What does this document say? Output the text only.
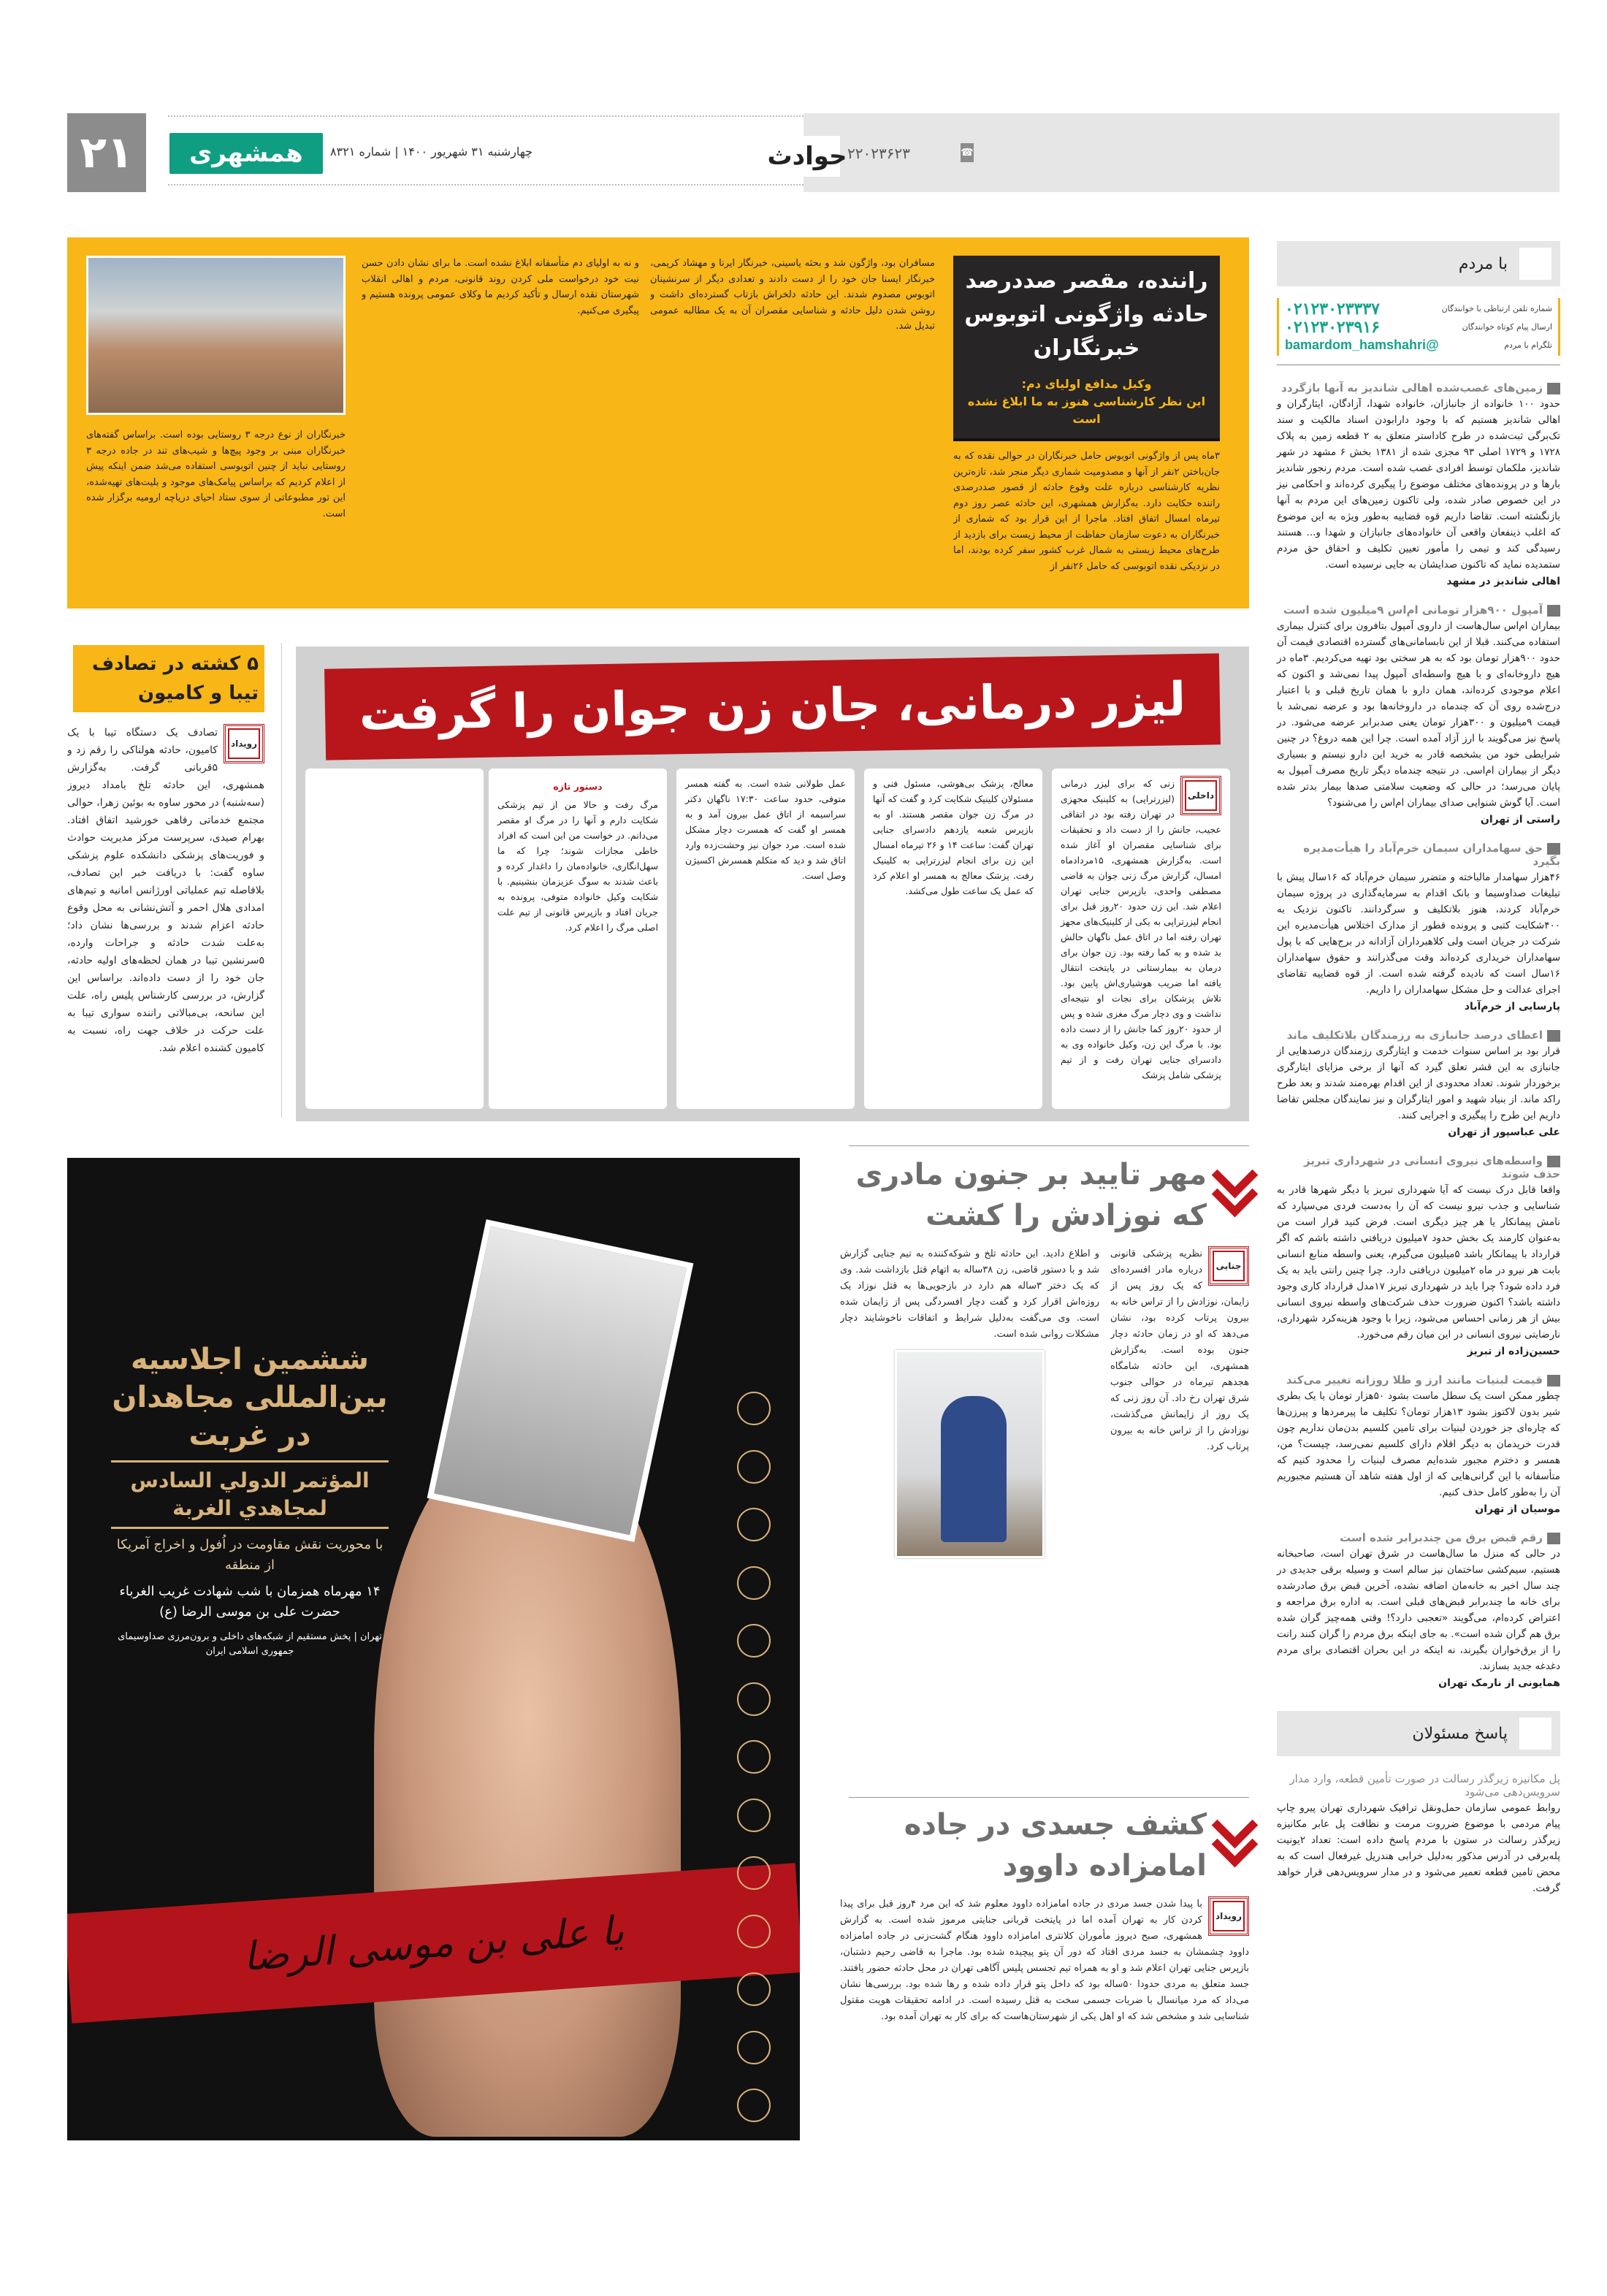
۲۱	همشهری	چهارشنبه ۳۱ شهریور ۱۴۰۰ | شماره ۸۳۲۱	حوادث ۲۲۰۲۳۶۲۳	☎
با مردم
شماره تلفن ارتباطی با خوانندگان
۰۲۱۲۳۰۲۳۳۳۷
ارسال پیام کوتاه خوانندگان
۰۲۱۲۳۰۲۳۹۱۶
تلگرام با مردم
@bamardom_hamshahri
زمین‌های غصب‌شده اهالی شاندیز به آنها بازگردد

حدود ۱۰۰ خانواده از جانبازان، خانواده شهدا، آزادگان، ایثارگران و اهالی شاندیز هستیم که با وجود دارابودن اسناد مالکیت و سند تک‌برگی ثبت‌شده در طرح کاداستر متعلق به ۲ قطعه زمین به پلاک ۱۷۲۸ و ۱۷۲۹ اصلی ۹۳ مجزی شده از ۱۳۸۱ بخش ۶ مشهد در شهر شاندیز، ملکمان توسط افرادی غصب شده است. مردم رنجور شاندیز بارها و در پرونده‌های مختلف موضوع را پیگیری کرده‌اند و احکامی نیز در این خصوص صادر شده، ولی تاکنون زمین‌های این مردم به آنها بازنگشته است. تقاضا داریم قوه قضاییه به‌طور ویژه به این موضوع که اغلب ذینفعان واقعی آن خانواده‌های جانبازان و شهدا و... هستند رسیدگی کند و تیمی را مأمور تعیین تکلیف و احقاق حق مردم ستمدیده نماید که تاکنون صدایشان به جایی نرسیده است.

اهالی شاندیز در مشهد
آمپول ۹۰۰هزار تومانی ام‌اس ۹میلیون شده است

بیماران ام‌اس سال‌هاست از داروی آمپول بتافرون برای کنترل بیماری استفاده می‌کنند. قبلا از این نابسامانی‌های گسترده اقتصادی قیمت آن حدود ۹۰۰هزار تومان بود که به هر سختی بود تهیه می‌کردیم. ۳ماه در هیچ داروخانه‌ای و با هیچ واسطه‌ای آمپول پیدا نمی‌شد و اکنون که اعلام موجودی کرده‌اند، همان دارو با همان تاریخ قبلی و با اعتبار درج‌شده روی آن که چندماه در داروخانه‌ها بود و عرضه نمی‌شد با قیمت ۹میلیون و ۳۰۰هزار تومان یعنی صدبرابر عرضه می‌شود. در پاسخ نیز می‌گویند با ارز آزاد آمده است. چرا این همه دروغ؟ در چنین شرایطی خود من بشخصه قادر به خرید این دارو نیستم و بسیاری دیگر از بیماران ام‌اسی. در نتیجه چندماه دیگر تاریخ مصرف آمپول به پایان می‌رسد؛ در حالی که وضعیت سلامتی صدها بیمار بدتر شده است. آیا گوش شنوایی صدای بیماران ام‌اس را می‌شنود؟

راستی از تهران
حق سهامداران سیمان خرم‌آباد را هیأت‌مدیره بگیرد

۴۶هزار سهامدار مالباخته و متضرر سیمان خرم‌آباد که ۱۶سال پیش با تبلیغات صداوسیما و بانک اقدام به سرمایه‌گذاری در پروژه سیمان خرم‌آباد کردند، هنوز بلاتکلیف و سرگردانند. تاکنون نزدیک به ۴۰۰شکایت کتبی و پرونده قطور از مدارک اختلاس هیأت‌مدیره این شرکت در جریان است ولی کلاهبرداران آزادانه در برج‌هایی که با پول سهامداران خریداری کرده‌اند وقت می‌گذرانند و حقوق سهامداران ۱۶سال است که نادیده گرفته شده است. از قوه قضاییه تقاضای اجرای عدالت و حل مشکل سهامداران را داریم.

پارسایی از خرم‌آباد
اعطای درصد جانبازی به رزمندگان بلاتکلیف ماند

قرار بود بر اساس سنوات خدمت و ایثارگری رزمندگان درصدهایی از جانبازی به این قشر تعلق گیرد که آنها از برخی مزایای ایثارگری برخوردار شوند. تعداد محدودی از این اقدام بهره‌مند شدند و بعد طرح راکد ماند. از بنیاد شهید و امور ایثارگران و نیز نمایندگان مجلس تقاضا داریم این طرح را پیگیری و اجرایی کنند.

علی عباسپور از تهران
واسطه‌های نیروی انسانی در شهرداری تبریز حذف شوند

واقعا قابل درک نیست که آیا شهرداری تبریز یا دیگر شهرها قادر به شناسایی و جذب نیرو نیست که آن را به‌دست فردی می‌سپارد که نامش پیمانکار یا هر چیز دیگری است. فرض کنید قرار است من به‌عنوان کارمند یک بخش حدود ۷میلیون دریافتی داشته باشم که اگر قرارداد با پیمانکار باشد ۵میلیون می‌گیرم، یعنی واسطه منابع انسانی بابت هر نیرو در ماه ۲میلیون دریافتی دارد. چرا چنین رانتی باید به یک فرد داده شود؟ چرا باید در شهرداری تبریز ۱۷مدل قرارداد کاری وجود داشته باشد؟ اکنون ضرورت حذف شرکت‌های واسطه نیروی انسانی بیش از هر زمانی احساس می‌شود، زیرا با وجود هزینه‌کرد شهرداری، نارضایتی نیروی انسانی در این میان رقم می‌خورد.

حسین‌زاده از تبریز
قیمت لبنیات مانند ارز و طلا روزانه تغییر می‌کند

چطور ممکن است یک سطل ماست بشود ۵۰هزار تومان یا یک بطری شیر بدون لاکتوز بشود ۱۳هزار تومان؟ تکلیف ما پیرمردها و پیرزن‌ها که چاره‌ای جز خوردن لبنیات برای تامین کلسیم بدن‌مان نداریم چون قدرت خریدمان به دیگر اقلام دارای کلسیم نمی‌رسد، چیست؟ من، همسر و دخترم مجبور شده‌ایم مصرف لبنیات را محدود کنیم که متأسفانه با این گرانی‌هایی که از اول هفته شاهد آن هستیم مجبوریم آن را به‌طور کامل حذف کنیم.

موسیان از تهران
رقم قبض برق من چندبرابر شده است

در حالی که منزل ما سال‌هاست در شرق تهران است، صاحبخانه هستیم، سیم‌کشی ساختمان نیز سالم است و وسیله برقی جدیدی در چند سال اخیر به خانه‌مان اضافه نشده، آخرین قبض برق صادرشده برای خانه ما چندبرابر قبض‌های قبلی است. به اداره برق مراجعه و اعتراض کرده‌ام، می‌گویند «تعجبی دارد؟! وقتی همه‌چیز گران شده برق هم گران شده است». به جای اینکه برق مردم را گران کنند رانت را از برق‌خواران بگیرند، نه اینکه در این بحران اقتصادی برای مردم دغدغه جدید بسازند.

همایونی از نارمک تهران
پاسخ مسئولان
پل مکانیزه زیرگذر رسالت در صورت تأمین قطعه، وارد مدار سرویس‌دهی می‌شود

روابط عمومی سازمان حمل‌ونقل ترافیک شهرداری تهران پیرو چاپ پیام مردمی با موضوع ضرروت مرمت و نظافت پل عابر مکانیزه زیرگذر رسالت در ستون با مردم پاسخ داده است: تعداد ۲یونیت پله‌برقی در آدرس مذکور به‌دلیل خرابی هندریل غیرفعال است که به محض تامین قطعه تعمیر می‌شود و در مدار سرویس‌دهی قرار خواهد گرفت.

راننده، مقصر صددرصد حادثه واژگونی اتوبوس خبرنگاران
وکیل مدافع اولیای دم:
این نظر کارشناسی هنوز به ما ابلاغ نشده است
۳ماه پس از واژگونی اتوبوس حامل خبرنگاران در حوالی نقده که به جان‌باختن ۲نفر از آنها و مصدومیت شماری دیگر منجر شد، تازه‌ترین نظریه کارشناسی درباره علت وقوع حادثه از قصور صددرصدی راننده حکایت دارد. به‌گزارش همشهری، این حادثه عصر روز دوم تیرماه امسال اتفاق افتاد. ماجرا از این قرار بود که شماری از خبرنگاران به دعوت سازمان حفاظت از محیط زیست برای بازدید از طرح‌های محیط زیستی به شمال غرب کشور سفر کرده بودند، اما در نزدیکی نقده اتوبوسی که حامل ۲۶نفر از
مسافران بود، واژگون شد و بحثه یاسینی، خبرنگار ایرنا و مهشاد کریمی، خبرنگار ایسنا جان خود را از دست دادند و تعدادی دیگر از سرنشینان اتوبوس مصدوم شدند. این حادثه دلخراش بازتاب گسترده‌ای داشت و روشن شدن دلیل حادثه و شناسایی مقصران آن به یک مطالبه عمومی تبدیل شد.
و نه به اولیای دم متأسفانه ابلاغ نشده است. ما برای نشان دادن حسن نیت خود درخواست ملی کردن روند قانونی، مردم و اهالی انقلاب شهرستان نقده ارسال و تأکید کردیم ما وکلای عمومی پرونده هستیم و پیگیری می‌کنیم.
خبرنگاران از نوع درجه ۳ روستایی بوده است. براساس گفته‌های خبرنگاران مبنی بر وجود پیچ‌ها و شیب‌های تند در جاده درجه ۳ روستایی نباید از چنین اتوبوسی استفاده می‌شد ضمن اینکه پیش از اعلام کردیم که براساس پیامک‌های موجود و بلیت‌های تهیه‌شده، این تور مطبوعاتی از سوی ستاد احیای دریاچه ارومیه برگزار شده است.
۵ کشته در تصادف تیبا و کامیون
رویداد
تصادف یک دستگاه تیبا با یک کامیون، حادثه هولناکی را رقم زد و ۵قربانی گرفت. به‌گزارش همشهری، این حادثه تلخ بامداد دیروز (سه‌شنبه) در محور ساوه به بوئین زهرا، حوالی مجتمع خدماتی رفاهی خورشید اتفاق افتاد. بهرام صیدی، سرپرست مرکز مدیریت حوادث و فوریت‌های پزشکی دانشکده علوم پزشکی ساوه گفت: با دریافت خبر این تصادف، بلافاصله تیم عملیاتی اورژانس امانیه و تیم‌های امدادی هلال احمر و آتش‌نشانی به محل وقوع حادثه اعزام شدند و بررسی‌ها نشان داد؛ به‌علت شدت حادثه و جراحات وارده، ۵سرنشین تیبا در همان لحظه‌های اولیه حادثه، جان خود را از دست داده‌اند. براساس این گزارش، در بررسی کارشناس پلیس راه، علت این سانحه، بی‌مبالاتی راننده سواری تیبا به علت حرکت در خلاف جهت راه، نسبت به کامیون کشنده اعلام شد.
لیزر درمانی، جان زن جوان را گرفت
داخلی
زنی که برای لیزر درمانی (لیزرتراپی) به کلینیک مجهزی در تهران رفته بود در اتفاقی عجیب، جانش را از دست داد و تحقیقات برای شناسایی مقصران او آغاز شده است. به‌گزارش همشهری، ۱۵مردادماه امسال، گزارش مرگ زنی جوان به قاضی مصطفی واحدی، بازپرس جنایی تهران اعلام شد. این زن حدود ۲۰روز قبل برای انجام لیزرتراپی به یکی از کلینیک‌های مجهز تهران رفته اما در اتاق عمل ناگهان حالش بد شده و به کما رفته بود. زن جوان برای درمان به بیمارستانی در پایتخت انتقال یافته اما ضریب هوشیاری‌اش پایین بود. تلاش پزشکان برای نجات او نتیجه‌ای نداشت و وی دچار مرگ مغزی شده و پس از حدود ۲۰روز کما جانش را از دست داده بود. با مرگ این زن، وکیل خانواده وی به دادسرای جنایی تهران رفت و از تیم پزشکی شامل پزشک
معالج، پزشک بی‌هوشی، مسئول فنی و مسئولان کلینیک شکایت کرد و گفت که آنها در مرگ زن جوان مقصر هستند. او به بازپرس شعبه یازدهم دادسرای جنایی تهران گفت: ساعت ۱۴ و ۲۶ تیرماه امسال این زن برای انجام لیزرتراپی به کلینیک رفت. پزشک معالج به همسر او اعلام کرد که عمل یک ساعت طول می‌کشد.
عمل طولانی شده است. به گفته همسر متوفی، حدود ساعت ۱۷:۳۰ ناگهان دکتر سراسیمه از اتاق عمل بیرون آمد و به همسر او گفت که همسرت دچار مشکل شده است. مرد جوان نیز وحشت‌زده وارد اتاق شد و دید که متکلم همسرش اکسیژن وصل است.
دستور تازه
مرگ رفت و حالا من از تیم پزشکی شکایت دارم و آنها را در مرگ او مقصر می‌دانم. در خواست من این است که افراد خاطی مجازات شوند؛ چرا که ما سهل‌انگاری، خانواده‌مان را داغدار کرده و باعث شدند به سوگ عزیزمان بنشینیم. با شکایت وکیل خانواده متوفی، پرونده به جریان افتاد و بازپرس قانونی از تیم علت اصلی مرگ را اعلام کرد.
یا علی بن موسی الرضا
ششمین اجلاسیه بین‌المللی مجاهدان در غربت
المؤتمر الدولي السادس لمجاهدي الغربة
با محوریت نقش مقاومت در اُفول و اخراج آمریکا از منطقه
۱۴ مهرماه همزمان با شب شهادت غریب الغرباء حضرت علی بن موسی الرضا (ع)
تهران | پخش مستقیم از شبکه‌های داخلی و برون‌مرزی صداوسیمای جمهوری اسلامی ایران
مهر تایید بر جنون مادری که نوزادش را کشت
جنایی
نظریه پزشکی قانونی درباره مادر افسرده‌ای که یک روز پس از زایمان، نوزادش را از تراس خانه به بیرون پرتاب کرده بود، نشان می‌دهد که او در زمان حادثه دچار جنون بوده است. به‌گزارش همشهری، این حادثه شامگاه هجدهم تیرماه در حوالی جنوب شرق تهران رخ داد. آن روز زنی که یک روز از زایمانش می‌گذشت، نوزادش را از تراس خانه به بیرون پرتاب کرد.
و اطلاع دادید. این حادثه تلخ و شوکه‌کننده به تیم جنایی گزارش شد و با دستور قاضی، زن ۳۸ساله به اتهام قتل بازداشت شد. وی که یک دختر ۳ساله هم دارد در بازجویی‌ها به قتل نوزاد یک روزه‌اش اقرار کرد و گفت دچار افسردگی پس از زایمان شده است. وی می‌گفت به‌دلیل شرایط و اتفاقات ناخوشایند دچار مشکلات روانی شده است.
کشف جسدی در جاده امامزاده داوود
رویداد
با پیدا شدن جسد مردی در جاده امامزاده داوود معلوم شد که این مرد ۴روز قبل برای پیدا کردن کار به تهران آمده اما در پایتخت قربانی جنایتی مرموز شده است. به گزارش همشهری، صبح دیروز مأموران کلانتری امامزاده داوود هنگام گشت‌زنی در جاده امامزاده داوود چشمشان به جسد مردی افتاد که دور آن پتو پیچیده شده بود. ماجرا به قاضی رحیم دشتبان، بازپرس جنایی تهران اعلام شد و او به همراه تیم تجسس پلیس آگاهی تهران در محل حادثه حضور یافتند. جسد متعلق به مردی حدودا ۵۰ساله بود که داخل پتو قرار داده شده و رها شده بود. بررسی‌ها نشان می‌داد که مرد میانسال با ضربات جسمی سخت به قتل رسیده است. در ادامه تحقیقات هویت مقتول شناسایی شد و مشخص شد که او اهل یکی از شهرستان‌هاست که برای کار به تهران آمده بود.
